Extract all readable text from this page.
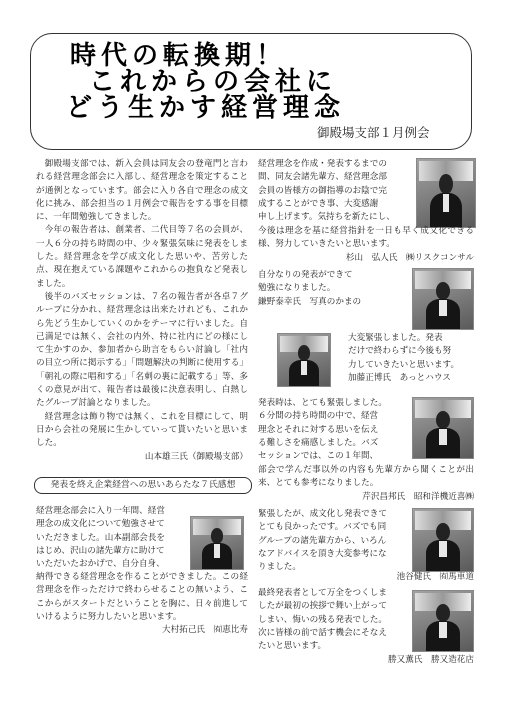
時代の転換期！
これからの会社に
どう生かす経営理念
御殿場支部１月例会

御殿場支部では、新入会員は同友会の登竜門と言われる経営理念部会に入部し、経営理念を策定することが通例となっています。部会に入り各自で理念の成文化に挑み、部会担当の１月例会で報告をする事を目標に、一年間勉強してきました。

今年の報告者は、創業者、二代目等７名の会員が、一人６分の持ち時間の中、少々緊張気味に発表をしました。経営理念を学び成文化した思いや、苦労した点、現在抱えている課題やこれからの抱負など発表しました。

後半のバズセッションは、７名の報告者が各卓７グループに分かれ、経営理念は出来たけれども、これから先どう生かしていくのかをテーマに行いました。自己満足では無く、会社の内外、特に社内にどの様にして生かすのか、参加者から助言をもらい討論し「社内の目立つ所に掲示する」「問題解決の判断に使用する」「朝礼の際に唱和する」「名刺の裏に記載する」等、多くの意見が出て、報告者は最後に決意表明し、白熱したグループ討論となりました。

経営理念は飾り物では無く、これを目標にして、明日から会社の発展に生かしていって貰いたいと思いました。

山本雄三氏（御殿場支部）

発表を終え企業経営への思いあらたな７氏感想

経営理念部会に入り一年間、経営

理念の成文化について勉強させて

いただきました。山本副部会長を

はじめ、沢山の諸先輩方に助けて

いただいたおかげで、自分自身、

納得できる経営理念を作ることができました。この経営理念を作っただけで終わらせることの無いよう、ここからがスタートだということを胸に、日々前進していけるように努力したいと思います。

大村拓己氏　㈲恵比寿

経営理念を作成・発表するまでの

間、同友会諸先輩方、経営理念部

会員の皆様方の御指導のお陰で完

成することができ事、大変感謝

申し上げます。気持ちを新たにし、

今後は理念を基に経営指針を一日も早く成文化できる様、努力していきたいと思います。

杉山　弘人氏　㈱リスクコンサル

自分なりの発表ができて

勉強になりました。

鎌野泰幸氏　写真のかまの

大変緊張しました。発表

だけで終わらずに今後も努

力していきたいと思います。

加藤正博氏　あっとハウス

発表時は、とても緊張しました。

６分間の持ち時間の中で、経営

理念とそれに対する思いを伝え

る難しさを痛感しました。バズ

セッションでは、この１年間、

部会で学んだ事以外の内容も先輩方から聞くことが出来、とても参考になりました。

芹沢昌邦氏　昭和洋機近喜㈱

緊張したが、成文化し発表できて

とても良かったです。バズでも同

グループの諸先輩方から、いろん

なアドバイスを頂き大変参考にな

りました。

池谷健氏　㈲馬車道

最終発表者として万全をつくしま

したが最初の挨拶で舞い上がって

しまい、悔いの残る発表でした。

次に皆様の前で話す機会にそなえ

たいと思います。

勝又薫氏　勝又造花店
